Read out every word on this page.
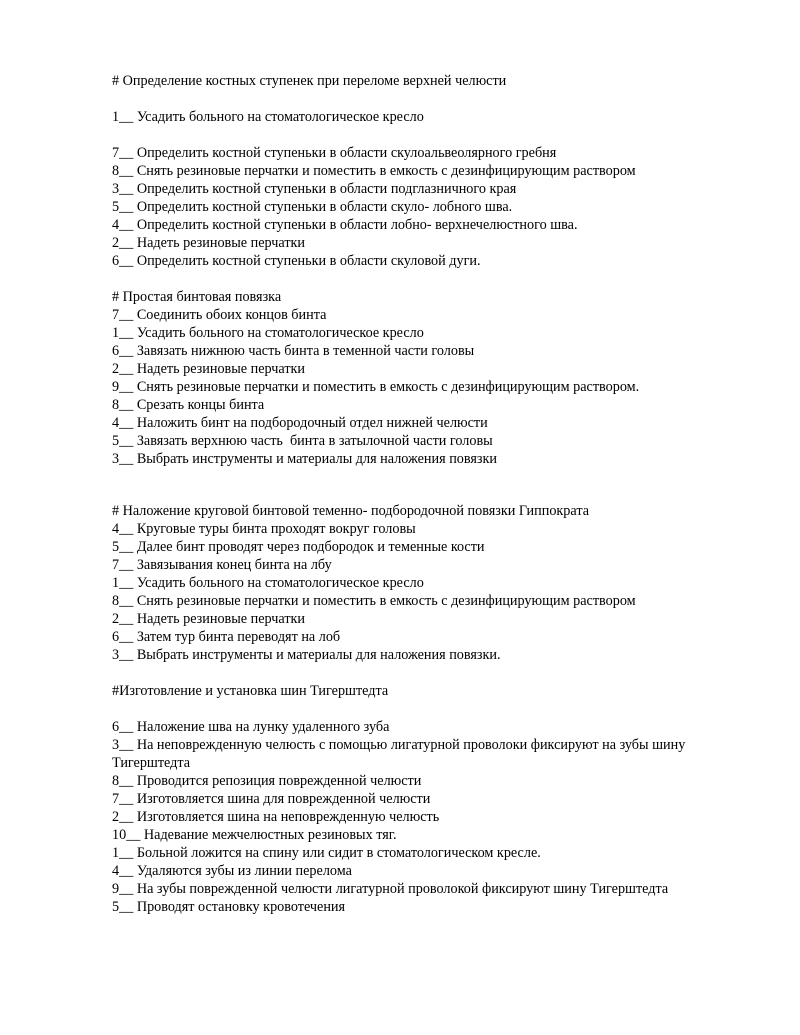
# Определение костных ступенек при переломе верхней челюсти

1__ Усадить больного на стоматологическое кресло

7__ Определить костной ступеньки в области скулоальвеолярного гребня

8__ Снять резиновые перчатки и поместить в емкость с дезинфицирующим раствором

3__ Определить костной ступеньки в области подглазничного края

5__ Определить костной ступеньки в области скуло- лобного шва.

4__ Определить костной ступеньки в области лобно- верхнечелюстного шва.

2__ Надеть резиновые перчатки

6__ Определить костной ступеньки в области скуловой дуги.

# Простая бинтовая повязка

7__ Соединить обоих концов бинта

1__ Усадить больного на стоматологическое кресло

6__ Завязать нижнюю часть бинта в теменной части головы

2__ Надеть резиновые перчатки

9__ Снять резиновые перчатки и поместить в емкость с дезинфицирующим раствором.

8__ Срезать концы бинта

4__ Наложить бинт на подбородочный отдел нижней челюсти

5__ Завязать верхнюю часть  бинта в затылочной части головы

3__ Выбрать инструменты и материалы для наложения повязки

# Наложение круговой бинтовой теменно- подбородочной повязки Гиппократа

4__ Круговые туры бинта проходят вокруг головы

5__ Далее бинт проводят через подбородок и теменные кости

7__ Завязывания конец бинта на лбу

1__ Усадить больного на стоматологическое кресло

8__ Снять резиновые перчатки и поместить в емкость с дезинфицирующим раствором

2__ Надеть резиновые перчатки

6__ Затем тур бинта переводят на лоб

3__ Выбрать инструменты и материалы для наложения повязки.

#Изготовление и установка шин Тигерштедта

6__ Наложение шва на лунку удаленного зуба

3__ На неповрежденную челюсть с помощью лигатурной проволоки фиксируют на зубы шину Тигерштедта

8__ Проводится репозиция поврежденной челюсти

7__ Изготовляется шина для поврежденной челюсти

2__ Изготовляется шина на неповрежденную челюсть

10__ Надевание межчелюстных резиновых тяг.

1__ Больной ложится на спину или сидит в стоматологическом кресле.

4__ Удаляются зубы из линии перелома

9__ На зубы поврежденной челюсти лигатурной проволокой фиксируют шину Тигерштедта

5__ Проводят остановку кровотечения
